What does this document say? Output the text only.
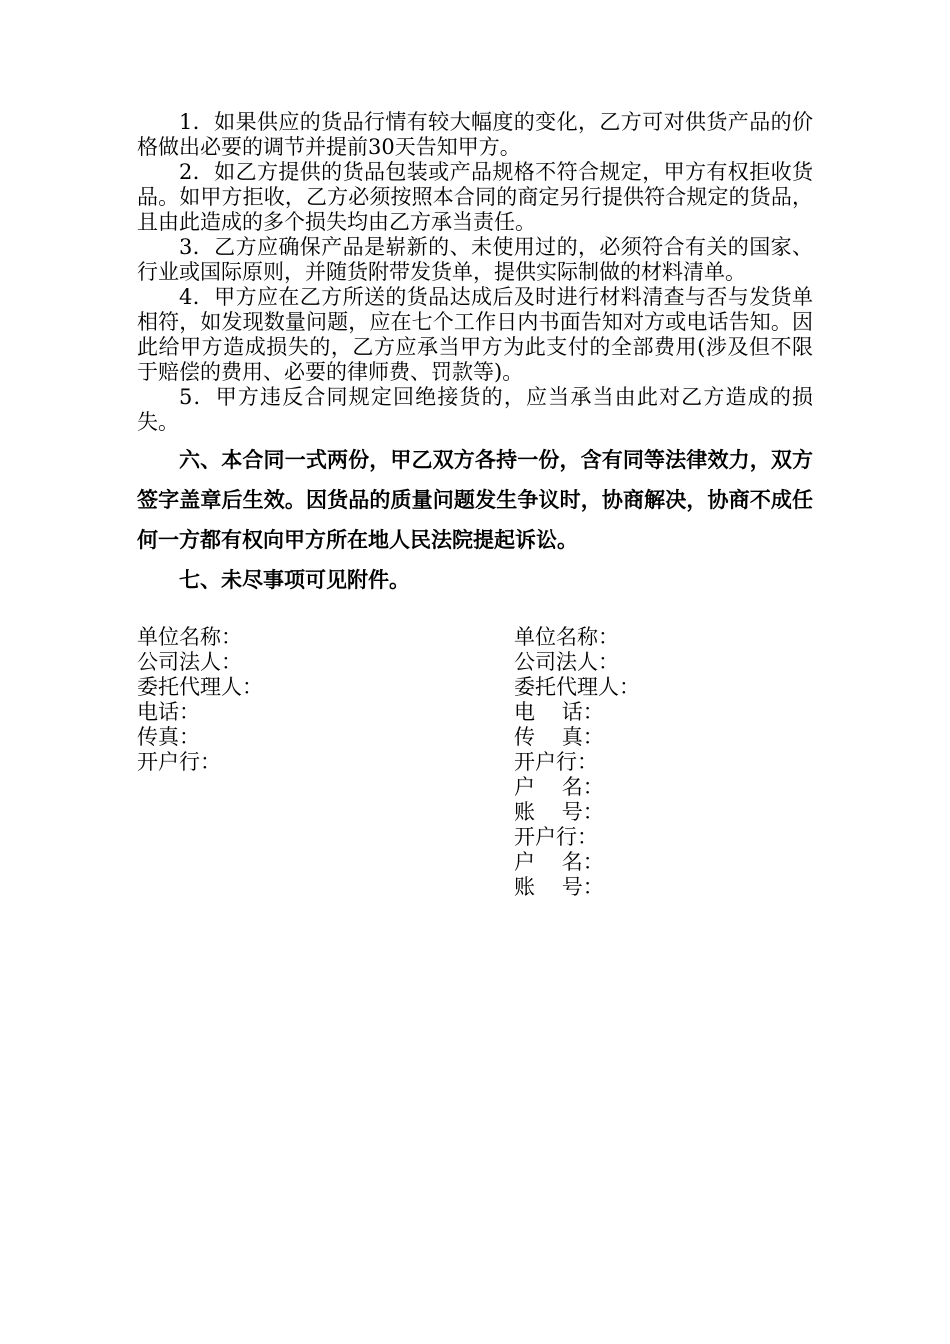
1．如果供应的货品行情有较大幅度的变化，乙方可对供货产品的价格做出必要的调节并提前30天告知甲方。

2．如乙方提供的货品包装或产品规格不符合规定，甲方有权拒收货品。如甲方拒收，乙方必须按照本合同的商定另行提供符合规定的货品，且由此造成的多个损失均由乙方承当责任。

3．乙方应确保产品是崭新的、未使用过的，必须符合有关的国家、行业或国际原则，并随货附带发货单，提供实际制做的材料清单。

4．甲方应在乙方所送的货品达成后及时进行材料清查与否与发货单相符，如发现数量问题，应在七个工作日内书面告知对方或电话告知。因此给甲方造成损失的，乙方应承当甲方为此支付的全部费用(涉及但不限于赔偿的费用、必要的律师费、罚款等)。

5．甲方违反合同规定回绝接货的，应当承当由此对乙方造成的损失。

六、本合同一式两份，甲乙双方各持一份，含有同等法律效力，双方签字盖章后生效。因货品的质量问题发生争议时，协商解决，协商不成任何一方都有权向甲方所在地人民法院提起诉讼。

七、未尽事项可见附件。

单位名称：
公司法人：
委托代理人：
电话：
传真：
开户行：
单位名称：
公司法人：
委托代理人：
电    话：
传    真：
开户行：
户    名：
账    号：
开户行：
户    名：
账    号：
